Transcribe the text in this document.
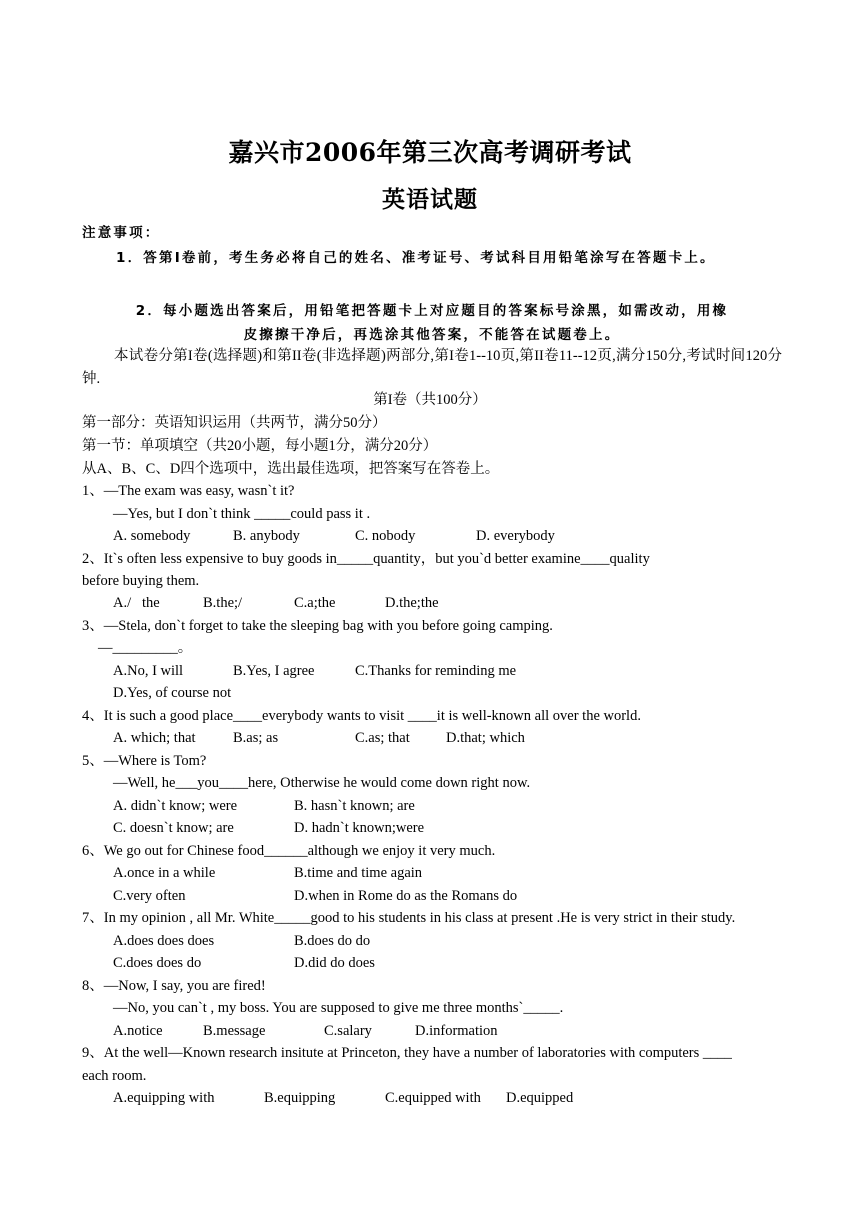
嘉兴市2006年第三次高考调研考试
英语试题
注意事项：
1．答第Ⅰ卷前，考生务必将自己的姓名、准考证号、考试科目用铅笔涂写在答题卡上。
2．每小题选出答案后，用铅笔把答题卡上对应题目的答案标号涂黑，如需改动，用橡
皮擦擦干净后，再选涂其他答案，不能答在试题卷上。
本试卷分第I卷(选择题)和第II卷(非选择题)两部分,第I卷1--10页,第II卷11--12页,满分150分,考试时间120分钟.
第I卷（共100分）
第一部分：英语知识运用（共两节，满分50分）
第一节：单项填空（共20小题，每小题1分，满分20分）
从A、B、C、D四个选项中，选出最佳选项，把答案写在答卷上。
1、—The exam was easy, wasn`t it?
—Yes, but I don`t think _____could pass it .
A. somebody	B. anybody	C. nobody	D. everybody
2、It`s often less expensive to buy goods in_____quantity，but you`d better examine____quality
before buying them.
A./   the	B.the;/	C.a;the	D.the;the
3、—Stela, don`t forget to take the sleeping bag with you before going camping.
—_________。
A.No, I will	B.Yes, I agree	C.Thanks for reminding me
D.Yes, of course not
4、It is such a good place____everybody wants to visit ____it is well-known all over the world.
A. which; that	B.as; as	C.as; that D.that; which
5、—Where is Tom?
—Well, he___you____here, Otherwise he would come down right now.
A. didn`t know; were	B. hasn`t known; are
C. doesn`t know; are	D. hadn`t known;were
6、We go out for Chinese food______although we enjoy it very much.
A.once in a while	B.time and time again
C.very often	D.when in Rome do as the Romans do
7、In my opinion , all Mr. White_____good to his students in his class at present .He is very strict in their study.
A.does does does	B.does do do
C.does does do	D.did do does
8、—Now, I say, you are fired!
—No, you can`t , my boss. You are supposed to give me three months`_____.
A.notice	B.message	C.salary	D.information
9、At the well—Known research insitute at Princeton, they have a number of laboratories with computers ____
each room.
A.equipping with	B.equipping	C.equipped with D.equipped
